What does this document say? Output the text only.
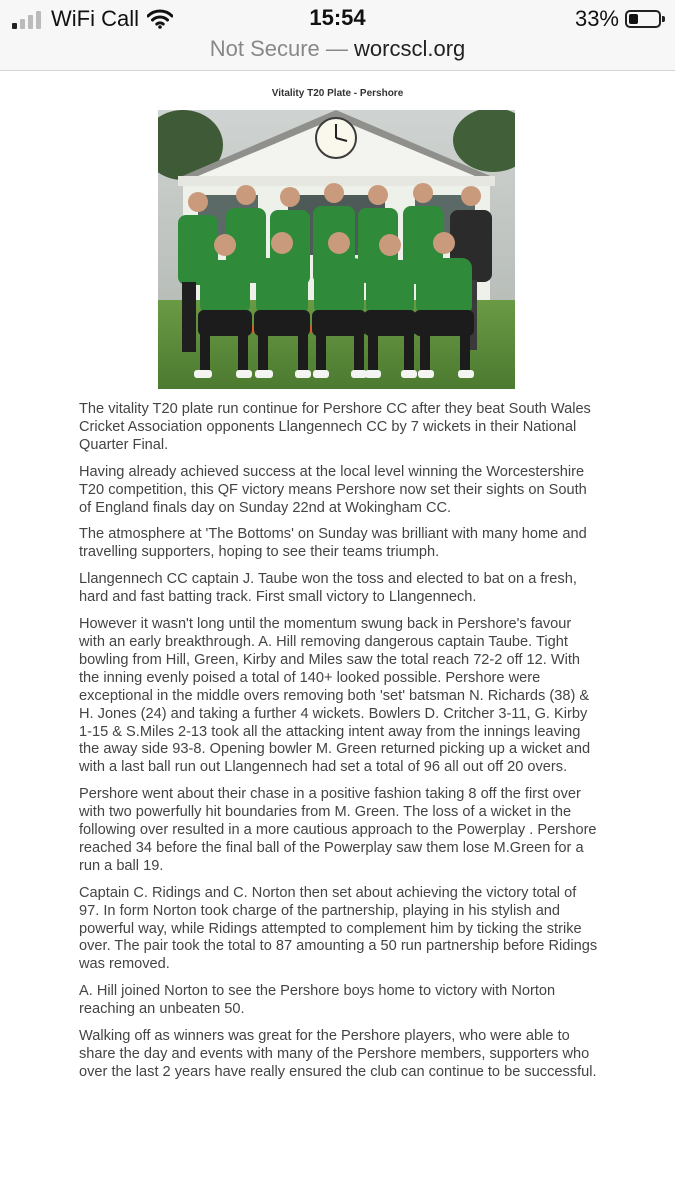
WiFi Call	15:54	33%
Not Secure — worcscl.org
Vitality T20 Plate - Pershore

The vitality T20 plate run continue for Pershore CC after they beat South Wales Cricket Association opponents Llangennech CC by 7 wickets in their National Quarter Final.

Having already achieved success at the local level winning the Worcestershire T20 competition, this QF victory means Pershore now set their sights on South of England finals day on Sunday 22nd at Wokingham CC.

The atmosphere at 'The Bottoms' on Sunday was brilliant with many home and travelling supporters, hoping to see their teams triumph.

Llangennech CC captain J. Taube won the toss and elected to bat on a fresh, hard and fast batting track. First small victory to Llangennech.

However it wasn't long until the momentum swung back in Pershore's favour with an early breakthrough. A. Hill removing dangerous captain Taube. Tight bowling from Hill, Green, Kirby and Miles saw the total reach 72-2 off 12. With the inning evenly poised a total of 140+ looked possible. Pershore were exceptional in the middle overs removing both 'set' batsman N. Richards (38) & H. Jones (24) and taking a further 4 wickets. Bowlers D. Critcher 3-11, G. Kirby 1-15 & S.Miles 2-13 took all the attacking intent away from the innings leaving the away side 93-8. Opening bowler M. Green returned picking up a wicket and with a last ball run out Llangennech had set a total of 96 all out off 20 overs.

Pershore went about their chase in a positive fashion taking 8 off the first over with two powerfully hit boundaries from M. Green. The loss of a wicket in the following over resulted in a more cautious approach to the Powerplay . Pershore reached 34 before the final ball of the Powerplay saw them lose M.Green for a run a ball 19.

Captain C. Ridings and C. Norton then set about achieving the victory total of 97. In form Norton took charge of the partnership, playing in his stylish and powerful way, while Ridings attempted to complement him by ticking the strike over. The pair took the total to 87 amounting a 50 run partnership before Ridings was removed.

A. Hill joined Norton to see the Pershore boys home to victory with Norton reaching an unbeaten 50.

Walking off as winners was great for the Pershore players, who were able to share the day and events with many of the Pershore members, supporters who over the last 2 years have really ensured the club can continue to be successful.
